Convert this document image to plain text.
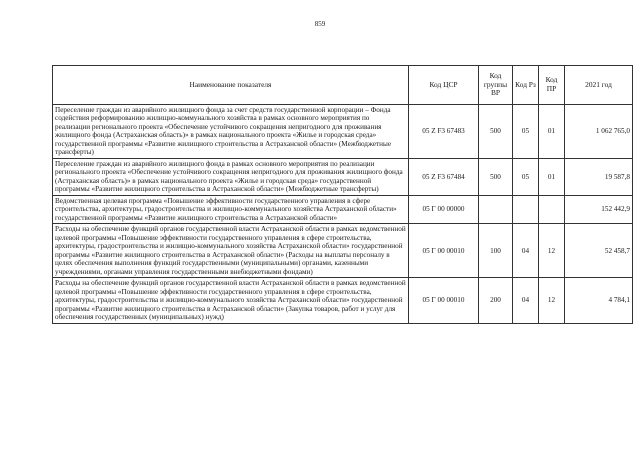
859
Наименование показателя	Код ЦСР	Код группы ВР	Код Рз	Код ПР	2021 год
Переселение граждан из аварийного жилищного фонда за счет средств государственной корпорации – Фонда содействия реформированию жилищно-коммунального хозяйства в рамках основного мероприятия по реализации регионального проекта «Обеспечение устойчивого сокращения непригодного для проживания жилищного фонда (Астраханская область)» в рамках национального проекта «Жилье и городская среда» государственной программы «Развитие жилищного строительства в Астраханской области» (Межбюджетные трансферты)	05 Z F3 67483	500	05	01	1 062 765,0
Переселение граждан из аварийного жилищного фонда в рамках основного мероприятия по реализации регионального проекта «Обеспечение устойчивого сокращения непригодного для проживания жилищного фонда (Астраханская область)» в рамках национального проекта «Жилье и городская среда» государственной программы «Развитие жилищного строительства в Астраханской области» (Межбюджетные трансферты)	05 Z F3 67484	500	05	01	19 587,8
Ведомственная целевая программа «Повышение эффективности государственного управления в сфере строительства, архитектуры, градостроительства и жилищно-коммунального хозяйства Астраханской области» государственной программы «Развитие жилищного строительства в Астраханской области»	05 Г 00 00000				152 442,9
Расходы на обеспечение функций органов государственной власти Астраханской области в рамках ведомственной целевой программы «Повышение эффективности государственного управления в сфере строительства, архитектуры, градостроительства и жилищно-коммунального хозяйства Астраханской области» государственной программы «Развитие жилищного строительства в Астраханской области» (Расходы на выплаты персоналу в целях обеспечения выполнения функций государственными (муниципальными) органами, казенными учреждениями, органами управления государственными внебюджетными фондами)	05 Г 00 00010	100	04	12	52 458,7
Расходы на обеспечение функций органов государственной власти Астраханской области в рамках ведомственной целевой программы «Повышение эффективности государственного управления в сфере строительства, архитектуры, градостроительства и жилищно-коммунального хозяйства Астраханской области» государственной программы «Развитие жилищного строительства в Астраханской области» (Закупка товаров, работ и услуг для обеспечения государственных (муниципальных) нужд)	05 Г 00 00010	200	04	12	4 784,1
